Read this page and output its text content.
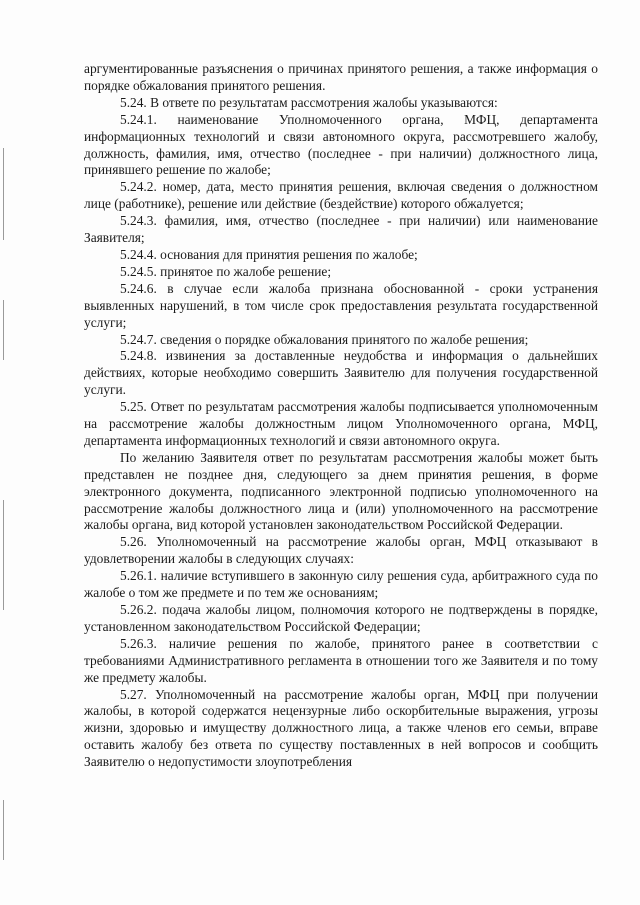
аргументированные разъяснения о причинах принятого решения, а также информация о порядке обжалования принятого решения.

5.24. В ответе по результатам рассмотрения жалобы указываются:

5.24.1. наименование Уполномоченного органа, МФЦ, департамента информационных технологий и связи автономного округа, рассмотревшего жалобу, должность, фамилия, имя, отчество (последнее - при наличии) должностного лица, принявшего решение по жалобе;

5.24.2. номер, дата, место принятия решения, включая сведения о должностном лице (работнике), решение или действие (бездействие) которого обжалуется;

5.24.3. фамилия, имя, отчество (последнее - при наличии) или наименование Заявителя;

5.24.4. основания для принятия решения по жалобе;

5.24.5. принятое по жалобе решение;

5.24.6. в случае если жалоба признана обоснованной - сроки устранения выявленных нарушений, в том числе срок предоставления результата государственной услуги;

5.24.7. сведения о порядке обжалования принятого по жалобе решения;

5.24.8. извинения за доставленные неудобства и информация о дальнейших действиях, которые необходимо совершить Заявителю для получения государственной услуги.

5.25. Ответ по результатам рассмотрения жалобы подписывается уполномоченным на рассмотрение жалобы должностным лицом Уполномоченного органа, МФЦ, департамента информационных технологий и связи автономного округа.

По желанию Заявителя ответ по результатам рассмотрения жалобы может быть представлен не позднее дня, следующего за днем принятия решения, в форме электронного документа, подписанного электронной подписью уполномоченного на рассмотрение жалобы должностного лица и (или) уполномоченного на рассмотрение жалобы органа, вид которой установлен законодательством Российской Федерации.

5.26. Уполномоченный на рассмотрение жалобы орган, МФЦ отказывают в удовлетворении жалобы в следующих случаях:

5.26.1. наличие вступившего в законную силу решения суда, арбитражного суда по жалобе о том же предмете и по тем же основаниям;

5.26.2. подача жалобы лицом, полномочия которого не подтверждены в порядке, установленном законодательством Российской Федерации;

5.26.3. наличие решения по жалобе, принятого ранее в соответствии с требованиями Административного регламента в отношении того же Заявителя и по тому же предмету жалобы.

5.27. Уполномоченный на рассмотрение жалобы орган, МФЦ при получении жалобы, в которой содержатся нецензурные либо оскорбительные выражения, угрозы жизни, здоровью и имуществу должностного лица, а также членов его семьи, вправе оставить жалобу без ответа по существу поставленных в ней вопросов и сообщить Заявителю о недопустимости злоупотребления
